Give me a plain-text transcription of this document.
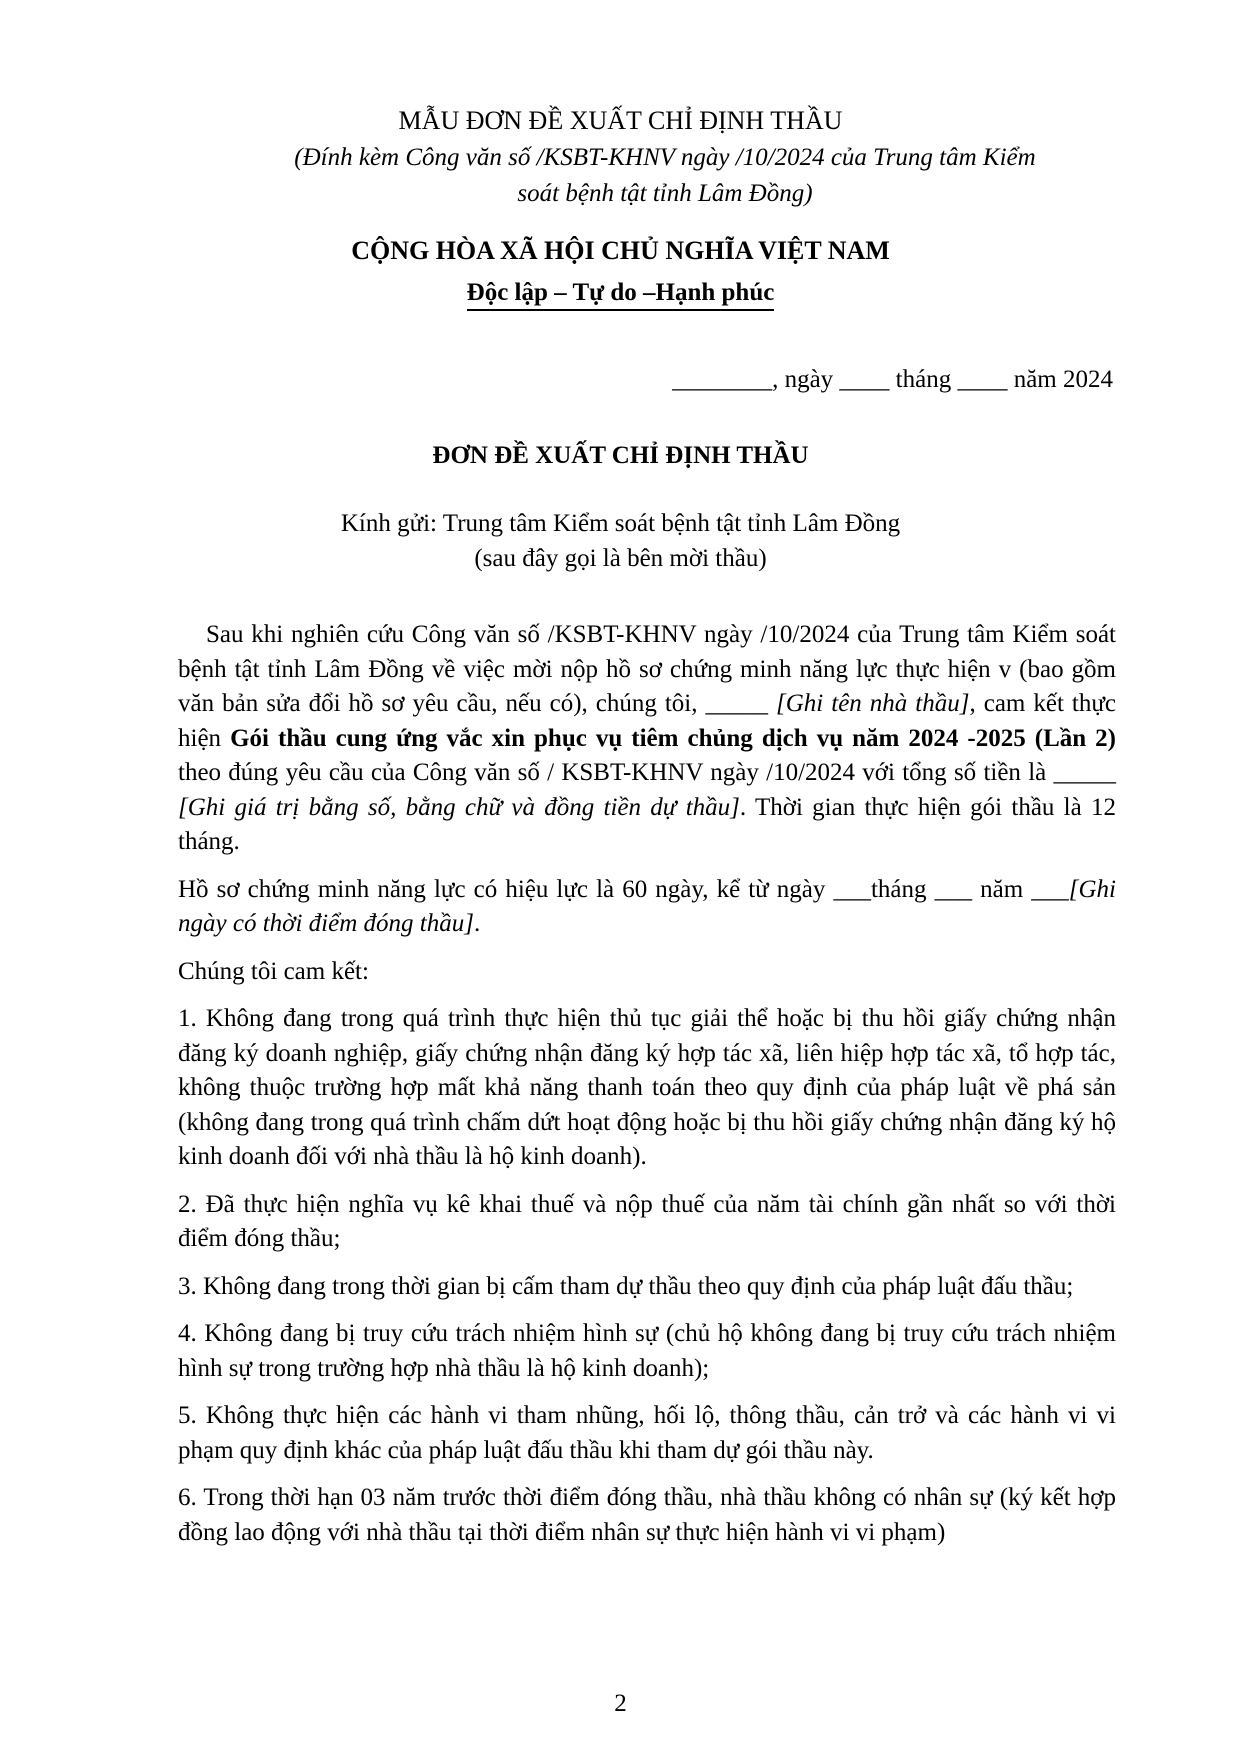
MẪU ĐƠN ĐỀ XUẤT CHỈ ĐỊNH THẦU
(Đính kèm Công văn số /KSBT-KHNV ngày /10/2024 của Trung tâm Kiểm
soát bệnh tật tỉnh Lâm Đồng)
CỘNG HÒA XÃ HỘI CHỦ NGHĨA VIỆT NAM
Độc lập – Tự do –Hạnh phúc
________, ngày ____ tháng ____ năm 2024
ĐƠN ĐỀ XUẤT CHỈ ĐỊNH THẦU
Kính gửi: Trung tâm Kiểm soát bệnh tật tỉnh Lâm Đồng
(sau đây gọi là bên mời thầu)

Sau khi nghiên cứu Công văn số /KSBT-KHNV ngày /10/2024 của Trung tâm Kiểm soát bệnh tật tỉnh Lâm Đồng về việc mời nộp hồ sơ chứng minh năng lực thực hiện v (bao gồm văn bản sửa đổi hồ sơ yêu cầu, nếu có), chúng tôi, _____ [Ghi tên nhà thầu], cam kết thực hiện Gói thầu cung ứng vắc xin phục vụ tiêm chủng dịch vụ năm 2024 -2025 (Lần 2) theo đúng yêu cầu của Công văn số / KSBT-KHNV ngày /10/2024 với tổng số tiền là _____ [Ghi giá trị bằng số, bằng chữ và đồng tiền dự thầu]. Thời gian thực hiện gói thầu là 12 tháng.

Hồ sơ chứng minh năng lực có hiệu lực là 60 ngày, kể từ ngày ___tháng ___ năm ___[Ghi ngày có thời điểm đóng thầu].

Chúng tôi cam kết:

1. Không đang trong quá trình thực hiện thủ tục giải thể hoặc bị thu hồi giấy chứng nhận đăng ký doanh nghiệp, giấy chứng nhận đăng ký hợp tác xã, liên hiệp hợp tác xã, tổ hợp tác, không thuộc trường hợp mất khả năng thanh toán theo quy định của pháp luật về phá sản (không đang trong quá trình chấm dứt hoạt động hoặc bị thu hồi giấy chứng nhận đăng ký hộ kinh doanh đối với nhà thầu là hộ kinh doanh).

2. Đã thực hiện nghĩa vụ kê khai thuế và nộp thuế của năm tài chính gần nhất so với thời điểm đóng thầu;

3. Không đang trong thời gian bị cấm tham dự thầu theo quy định của pháp luật đấu thầu;

4. Không đang bị truy cứu trách nhiệm hình sự (chủ hộ không đang bị truy cứu trách nhiệm hình sự trong trường hợp nhà thầu là hộ kinh doanh);

5. Không thực hiện các hành vi tham nhũng, hối lộ, thông thầu, cản trở và các hành vi vi phạm quy định khác của pháp luật đấu thầu khi tham dự gói thầu này.

6. Trong thời hạn 03 năm trước thời điểm đóng thầu, nhà thầu không có nhân sự (ký kết hợp đồng lao động với nhà thầu tại thời điểm nhân sự thực hiện hành vi vi phạm)

2
